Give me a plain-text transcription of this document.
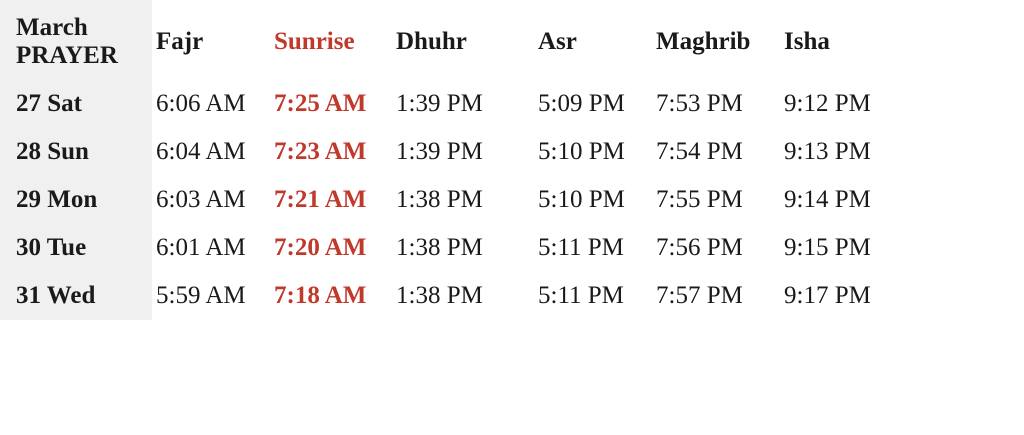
March
PRAYER	Fajr	Sunrise	Dhuhr	Asr	Maghrib	Isha
27 Sat	6:06 AM	7:25 AM	1:39 PM	5:09 PM	7:53 PM	9:12 PM
28 Sun	6:04 AM	7:23 AM	1:39 PM	5:10 PM	7:54 PM	9:13 PM
29 Mon	6:03 AM	7:21 AM	1:38 PM	5:10 PM	7:55 PM	9:14 PM
30 Tue	6:01 AM	7:20 AM	1:38 PM	5:11 PM	7:56 PM	9:15 PM
31 Wed	5:59 AM	7:18 AM	1:38 PM	5:11 PM	7:57 PM	9:17 PM
